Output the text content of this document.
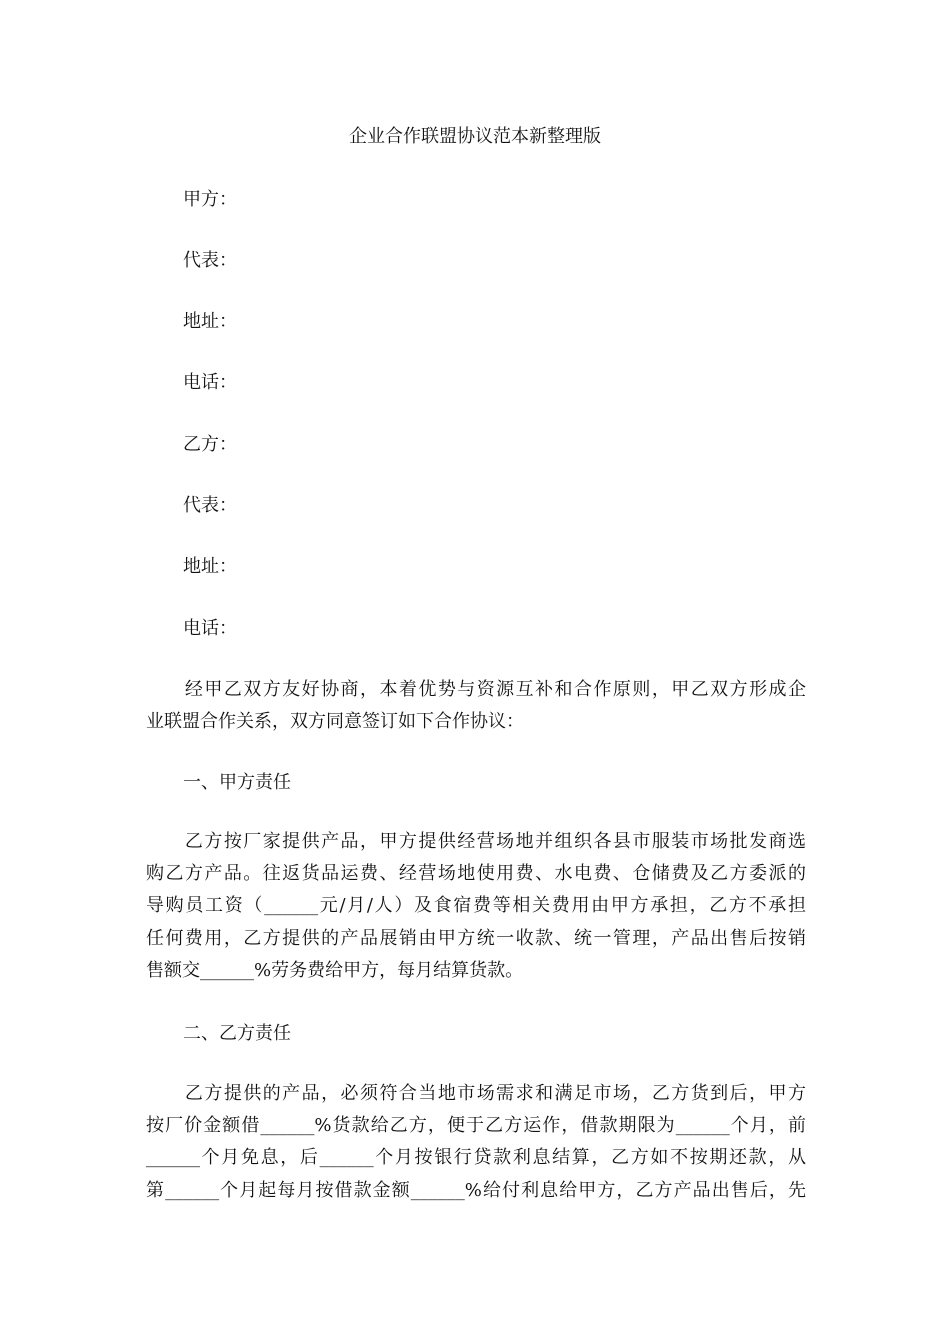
企业合作联盟协议范本新整理版
甲方：
代表：
地址：
电话：
乙方：
代表：
地址：
电话：
　　经甲乙双方友好协商，本着优势与资源互补和合作原则，甲乙双方形成企
业联盟合作关系，双方同意签订如下合作协议：
一、甲方责任
　　乙方按厂家提供产品，甲方提供经营场地并组织各县市服装市场批发商选
购乙方产品。往返货品运费、经营场地使用费、水电费、仓储费及乙方委派的
导购员工资（______元/月/人）及食宿费等相关费用由甲方承担，乙方不承担
任何费用，乙方提供的产品展销由甲方统一收款、统一管理，产品出售后按销
售额交______%劳务费给甲方，每月结算货款。
二、乙方责任
　　乙方提供的产品，必须符合当地市场需求和满足市场，乙方货到后，甲方
按厂价金额借______%货款给乙方，便于乙方运作，借款期限为______个月，前
______个月免息，后______个月按银行贷款利息结算，乙方如不按期还款，从
第______个月起每月按借款金额______%给付利息给甲方，乙方产品出售后，先
